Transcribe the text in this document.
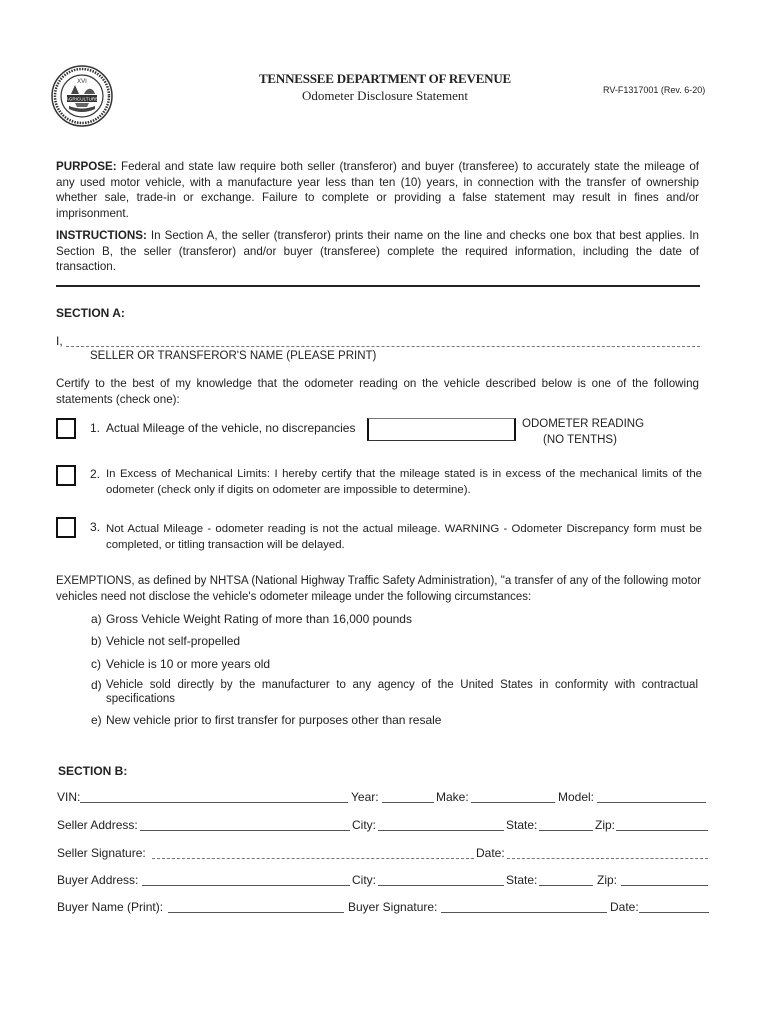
XVI
AGRICULTURE
TENNESSEE DEPARTMENT OF REVENUE
Odometer Disclosure Statement	RV-F1317001 (Rev. 6-20)
PURPOSE: Federal and state law require both seller (transferor) and buyer (transferee) to accurately state the mileage of any used motor vehicle, with a manufacture year less than ten (10) years, in connection with the transfer of ownership whether sale, trade-in or exchange. Failure to complete or providing a false statement may result in fines and/or imprisonment.
INSTRUCTIONS: In Section A, the seller (transferor) prints their name on the line and checks one box that best applies. In Section B, the seller (transferor) and/or buyer (transferee) complete the required information, including the date of transaction.
SECTION A:
I,
SELLER OR TRANSFEROR'S NAME (PLEASE PRINT)
Certify to the best of my knowledge that the odometer reading on the vehicle described below is one of the following statements (check one):
1. Actual Mileage of the vehicle, no discrepancies	ODOMETER READING
(NO TENTHS)
2. In Excess of Mechanical Limits: I hereby certify that the mileage stated is in excess of the mechanical limits of the odometer (check only if digits on odometer are impossible to determine).
3. Not Actual Mileage - odometer reading is not the actual mileage. WARNING - Odometer Discrepancy form must be completed, or titling transaction will be delayed.
EXEMPTIONS, as defined by NHTSA (National Highway Traffic Safety Administration), "a transfer of any of the following motor vehicles need not disclose the vehicle's odometer mileage under the following circumstances:
a) Gross Vehicle Weight Rating of more than 16,000 pounds
b) Vehicle not self-propelled
c) Vehicle is 10 or more years old
d) Vehicle sold directly by the manufacturer to any agency of the United States in conformity with contractual specifications
e) New vehicle prior to first transfer for purposes other than resale
SECTION B:
VIN:	Year:	Make:	Model:
Seller Address:	City:	State:	Zip:
Seller Signature:	Date:
Buyer Address:	City:	State:	Zip:
Buyer Name (Print):	Buyer Signature:	Date:
